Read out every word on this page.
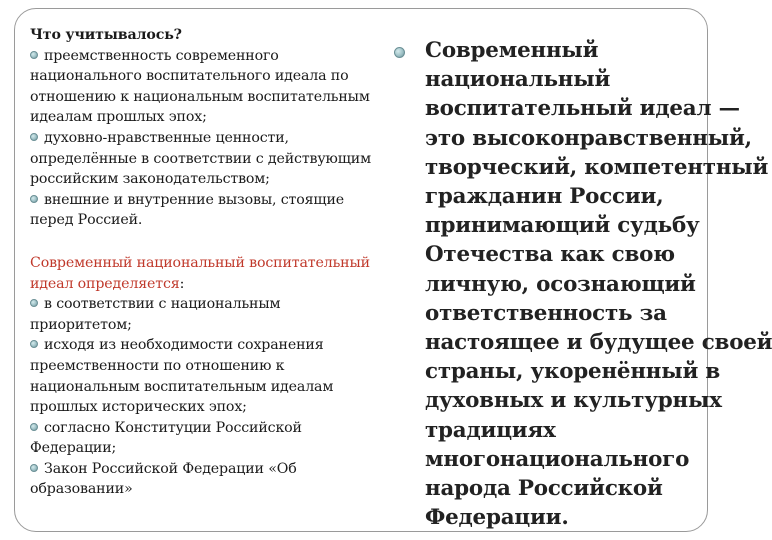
Что учитывалось?

преемственность современного

национального воспитательного идеала по

отношению к национальным воспитательным

идеалам прошлых эпох;

духовно-нравственные ценности,

определённые в соответствии с действующим

российским законодательством;

внешние и внутренние вызовы, стоящие

перед Россией.

Современный национальный воспитательный

идеал определяется:

в соответствии с национальным

приоритетом;

исходя из необходимости сохранения

преемственности по отношению к

национальным воспитательным идеалам

прошлых исторических эпох;

согласно Конституции Российской

Федерации;

Закон Российской Федерации «Об

образовании»

Современный
национальный
воспитательный идеал —
это высоконравственный,
творческий, компетентный
гражданин России,
принимающий судьбу
Отечества как свою
личную, осознающий
ответственность за
настоящее и будущее своей
страны, укоренённый в
духовных и культурных
традициях
многонационального
народа Российской
Федерации.
